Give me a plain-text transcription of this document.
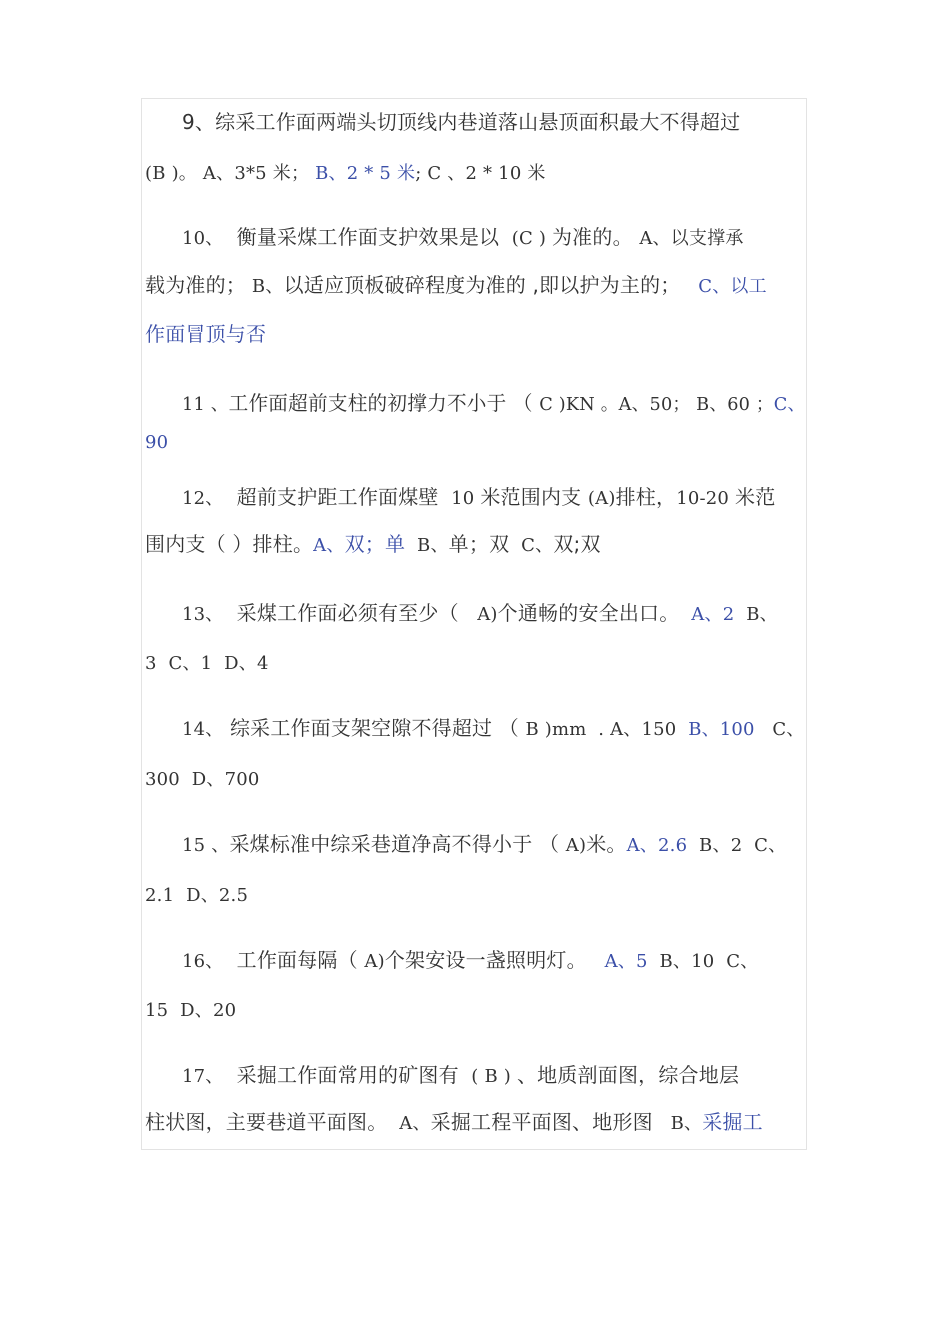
9、综采工作面两端头切顶线内巷道落山悬顶面积最大不得超过
(B )。 A、3*5 米； B、2 * 5 米; C 、2 * 10 米
10、  衡量采煤工作面支护效果是以  (C ) 为准的。 A、以支撑承
载为准的； B、以适应顶板破碎程度为准的 ,即以护为主的；   C、以工
作面冒顶与否
11 、工作面超前支柱的初撑力不小于 （ C )KN 。A、50； B、60 ；C、
90
12、  超前支护距工作面煤壁  10 米范围内支 (A)排柱，10-20 米范
围内支（ ）排柱。A、双；单  B、单；双  C、双;双
13、  采煤工作面必须有至少（   A)个通畅的安全出口。  A、2  B、
3  C、1  D、4
14、 综采工作面支架空隙不得超过 （ B )mm  . A、150  B、100   C、
300  D、700
15 、采煤标准中综采巷道净高不得小于 （ A)米。A、2.6  B、2  C、
2.1  D、2.5
16、  工作面每隔（ A)个架安设一盏照明灯。   A、5  B、10  C、
15  D、20
17、  采掘工作面常用的矿图有  ( B ) 、地质剖面图，综合地层
柱状图，主要巷道平面图。  A、采掘工程平面图、地形图   B、采掘工
